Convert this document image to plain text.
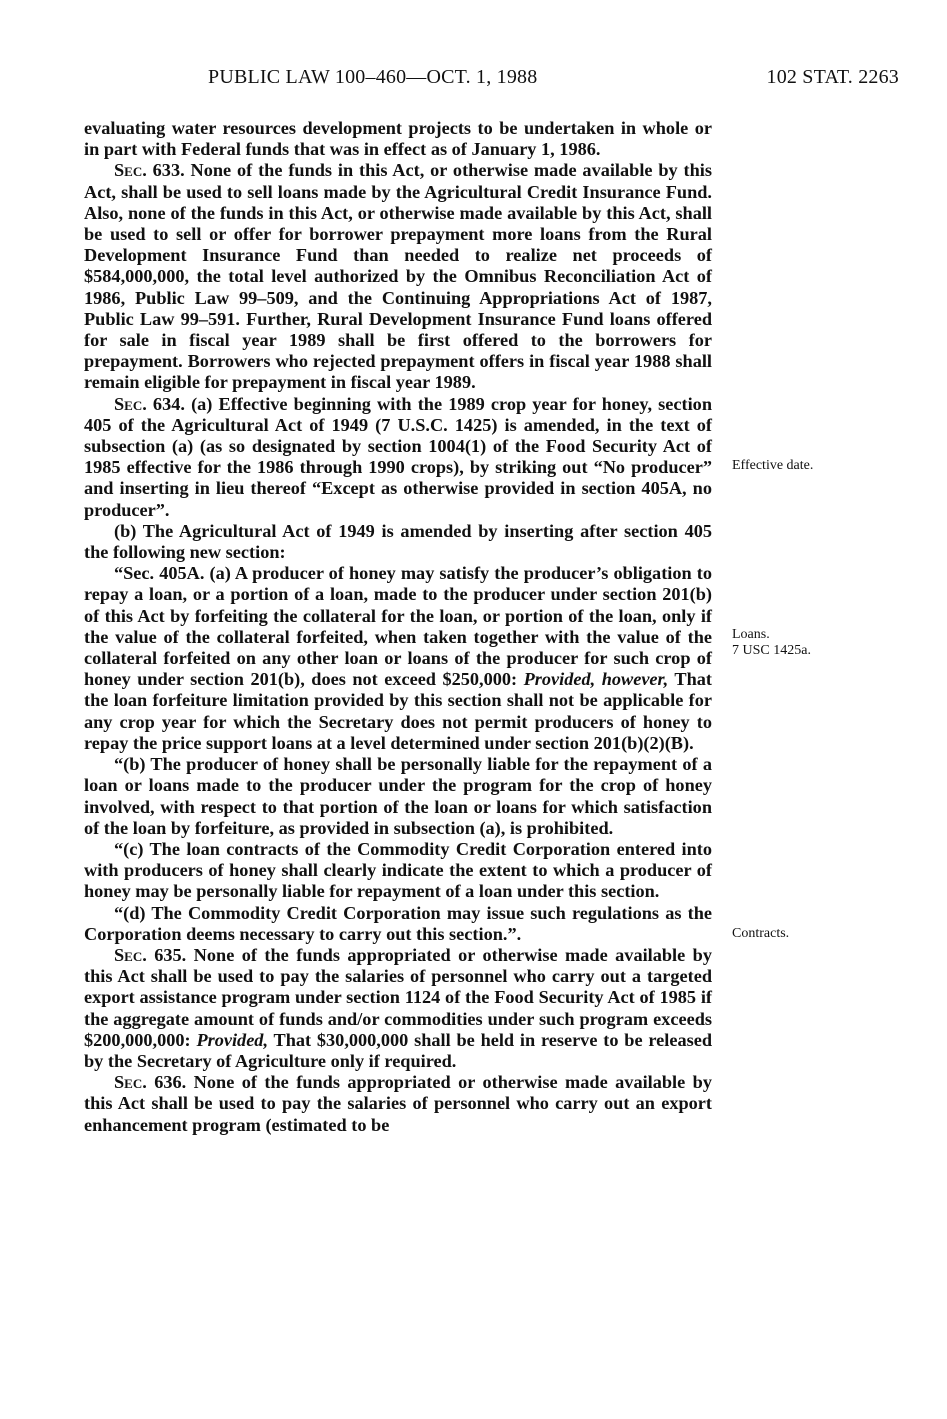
PUBLIC LAW 100–460—OCT. 1, 1988	102 STAT. 2263

evaluating water resources development projects to be undertaken in whole or in part with Federal funds that was in effect as of January 1, 1986.

Sec. 633. None of the funds in this Act, or otherwise made available by this Act, shall be used to sell loans made by the Agricultural Credit Insurance Fund. Also, none of the funds in this Act, or otherwise made available by this Act, shall be used to sell or offer for borrower prepayment more loans from the Rural Development Insurance Fund than needed to realize net proceeds of $584,000,000, the total level authorized by the Omnibus Reconciliation Act of 1986, Public Law 99–509, and the Continuing Appropriations Act of 1987, Public Law 99–591. Further, Rural Development Insurance Fund loans offered for sale in fiscal year 1989 shall be first offered to the borrowers for prepayment. Borrowers who rejected prepayment offers in fiscal year 1988 shall remain eligible for prepayment in fiscal year 1989.

Sec. 634. (a) Effective beginning with the 1989 crop year for honey, section 405 of the Agricultural Act of 1949 (7 U.S.C. 1425) is amended, in the text of subsection (a) (as so designated by section 1004(1) of the Food Security Act of 1985 effective for the 1986 through 1990 crops), by striking out “No producer” and inserting in lieu thereof “Except as otherwise provided in section 405A, no producer”.

(b) The Agricultural Act of 1949 is amended by inserting after section 405 the following new section:

“Sec. 405A. (a) A producer of honey may satisfy the producer’s obligation to repay a loan, or a portion of a loan, made to the producer under section 201(b) of this Act by forfeiting the collateral for the loan, or portion of the loan, only if the value of the collateral forfeited, when taken together with the value of the collateral forfeited on any other loan or loans of the producer for such crop of honey under section 201(b), does not exceed $250,000: Provided, however, That the loan forfeiture limitation provided by this section shall not be applicable for any crop year for which the Secretary does not permit producers of honey to repay the price support loans at a level determined under section 201(b)(2)(B).

“(b) The producer of honey shall be personally liable for the repayment of a loan or loans made to the producer under the program for the crop of honey involved, with respect to that portion of the loan or loans for which satisfaction of the loan by forfeiture, as provided in subsection (a), is prohibited.

“(c) The loan contracts of the Commodity Credit Corporation entered into with producers of honey shall clearly indicate the extent to which a producer of honey may be personally liable for repayment of a loan under this section.

“(d) The Commodity Credit Corporation may issue such regulations as the Corporation deems necessary to carry out this section.”.

Sec. 635. None of the funds appropriated or otherwise made available by this Act shall be used to pay the salaries of personnel who carry out a targeted export assistance program under section 1124 of the Food Security Act of 1985 if the aggregate amount of funds and/or commodities under such program exceeds $200,000,000: Provided, That $30,000,000 shall be held in reserve to be released by the Secretary of Agriculture only if required.

Sec. 636. None of the funds appropriated or otherwise made available by this Act shall be used to pay the salaries of personnel who carry out an export enhancement program (estimated to be

Effective date.
Loans.
7 USC 1425a.
Contracts.
